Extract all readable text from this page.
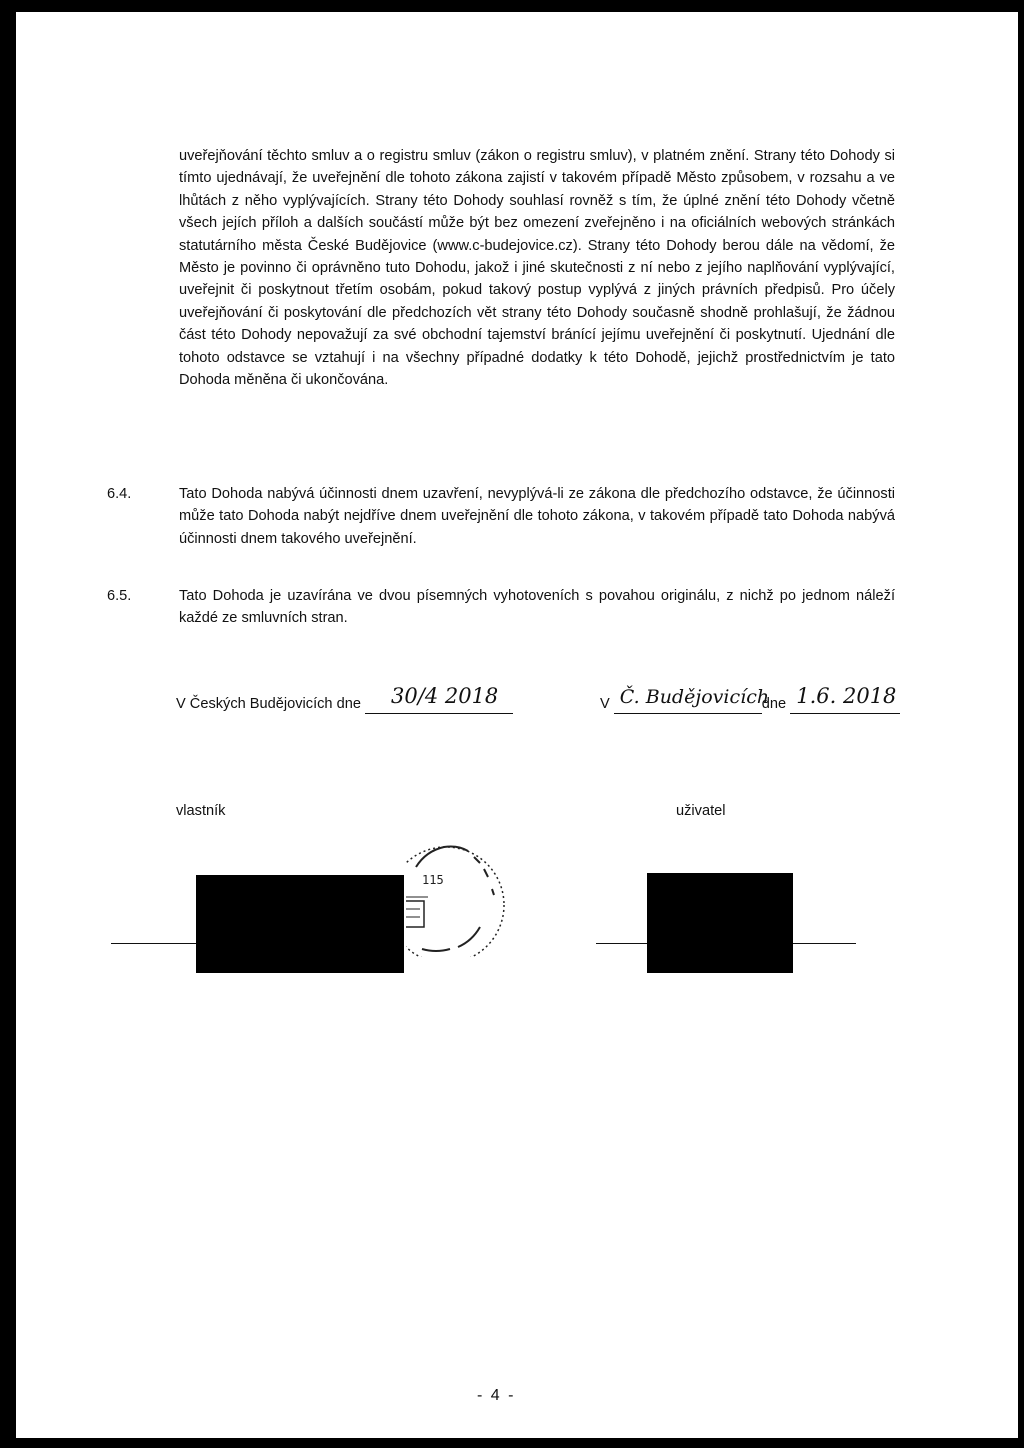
uveřejňování těchto smluv a o registru smluv (zákon o registru smluv), v platném znění. Strany této Dohody si tímto ujednávají, že uveřejnění dle tohoto zákona zajistí v takovém případě Město způsobem, v rozsahu a ve lhůtách z něho vyplývajících. Strany této Dohody souhlasí rovněž s tím, že úplné znění této Dohody včetně všech jejích příloh a dalších součástí může být bez omezení zveřejněno i na oficiálních webových stránkách statutárního města České Budějovice (www.c-budejovice.cz). Strany této Dohody berou dále na vědomí, že Město je povinno či oprávněno tuto Dohodu, jakož i jiné skutečnosti z ní nebo z jejího naplňování vyplývající, uveřejnit či poskytnout třetím osobám, pokud takový postup vyplývá z jiných právních předpisů. Pro účely uveřejňování či poskytování dle předchozích vět strany této Dohody současně shodně prohlašují, že žádnou část této Dohody nepovažují za své obchodní tajemství bránící jejímu uveřejnění či poskytnutí. Ujednání dle tohoto odstavce se vztahují i na všechny případné dodatky k této Dohodě, jejichž prostřednictvím je tato Dohoda měněna či ukončována.

6.4.	Tato Dohoda nabývá účinnosti dnem uzavření, nevyplývá-li ze zákona dle předchozího odstavce, že účinnosti může tato Dohoda nabýt nejdříve dnem uveřejnění dle tohoto zákona, v takovém případě tato Dohoda nabývá účinnosti dnem takového uveřejnění.
6.5.	Tato Dohoda je uzavírána ve dvou písemných vyhotoveních s povahou originálu, z nichž po jednom náleží každé ze smluvních stran.
V Českých Budějovicích dne 30/4 2018	V Č. Budějovicíchdne 1.6. 2018
vlastník	uživatel
115
- 4 -
